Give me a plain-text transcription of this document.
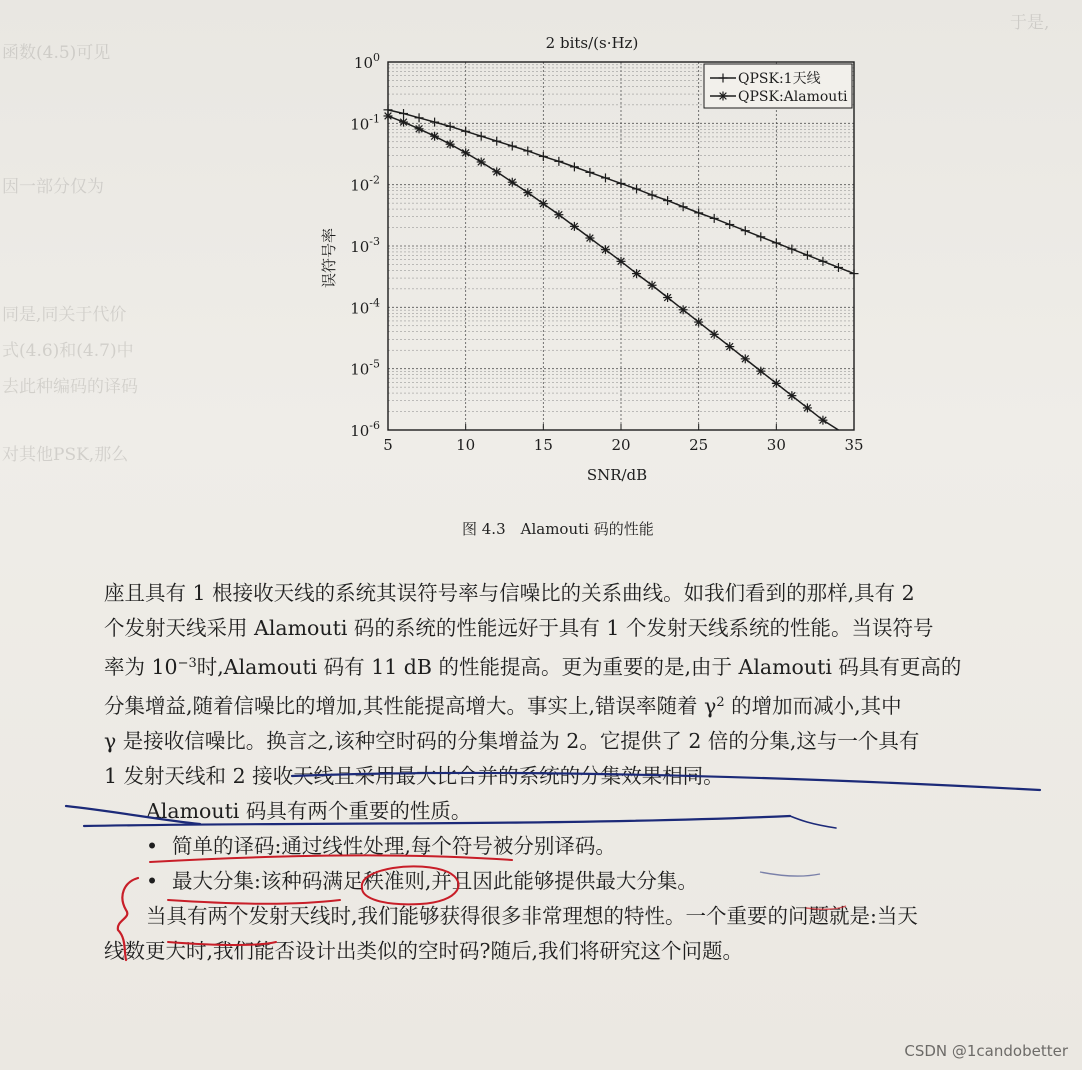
函数(4.5)可见
于是,
因一部分仅为
同是,同关于代价
式(4.6)和(4.7)中
去此种编码的译码
对其他PSK,那么
2 bits/(s·Hz)
5	10	15	20	25	30	35
$10^0$
$10^{-1}$
$10^{-2}$
$10^{-3}$
$10^{-4}$
$10^{-5}$
$10^{-6}$
SNR/dB
误符号率
QPSK:1天线
QPSK:Alamouti
图 4.3　Alamouti 码的性能

座且具有 1 根接收天线的系统其误符号率与信噪比的关系曲线。如我们看到的那样,具有 2
个发射天线采用 Alamouti 码的系统的性能远好于具有 1 个发射天线系统的性能。当误符号
率为 $10^{-3}$时,Alamouti 码有 11 dB 的性能提高。更为重要的是,由于 Alamouti 码具有更高的
分集增益,随着信噪比的增加,其性能提高增大。事实上,错误率随着 $\gamma^2$ 的增加而减小,其中
γ 是接收信噪比。换言之,该种空时码的分集增益为 2。它提供了 2 倍的分集,这与一个具有
1 发射天线和 2 接收天线且采用最大比合并的系统的分集效果相同。

Alamouti 码具有两个重要的性质。

• 简单的译码:通过线性处理,每个符号被分别译码。
• 最大分集:该种码满足秩准则,并且因此能够提供最大分集。

当具有两个发射天线时,我们能够获得很多非常理想的特性。一个重要的问题就是:当天
线数更大时,我们能否设计出类似的空时码?随后,我们将研究这个问题。

CSDN @1candobetter
